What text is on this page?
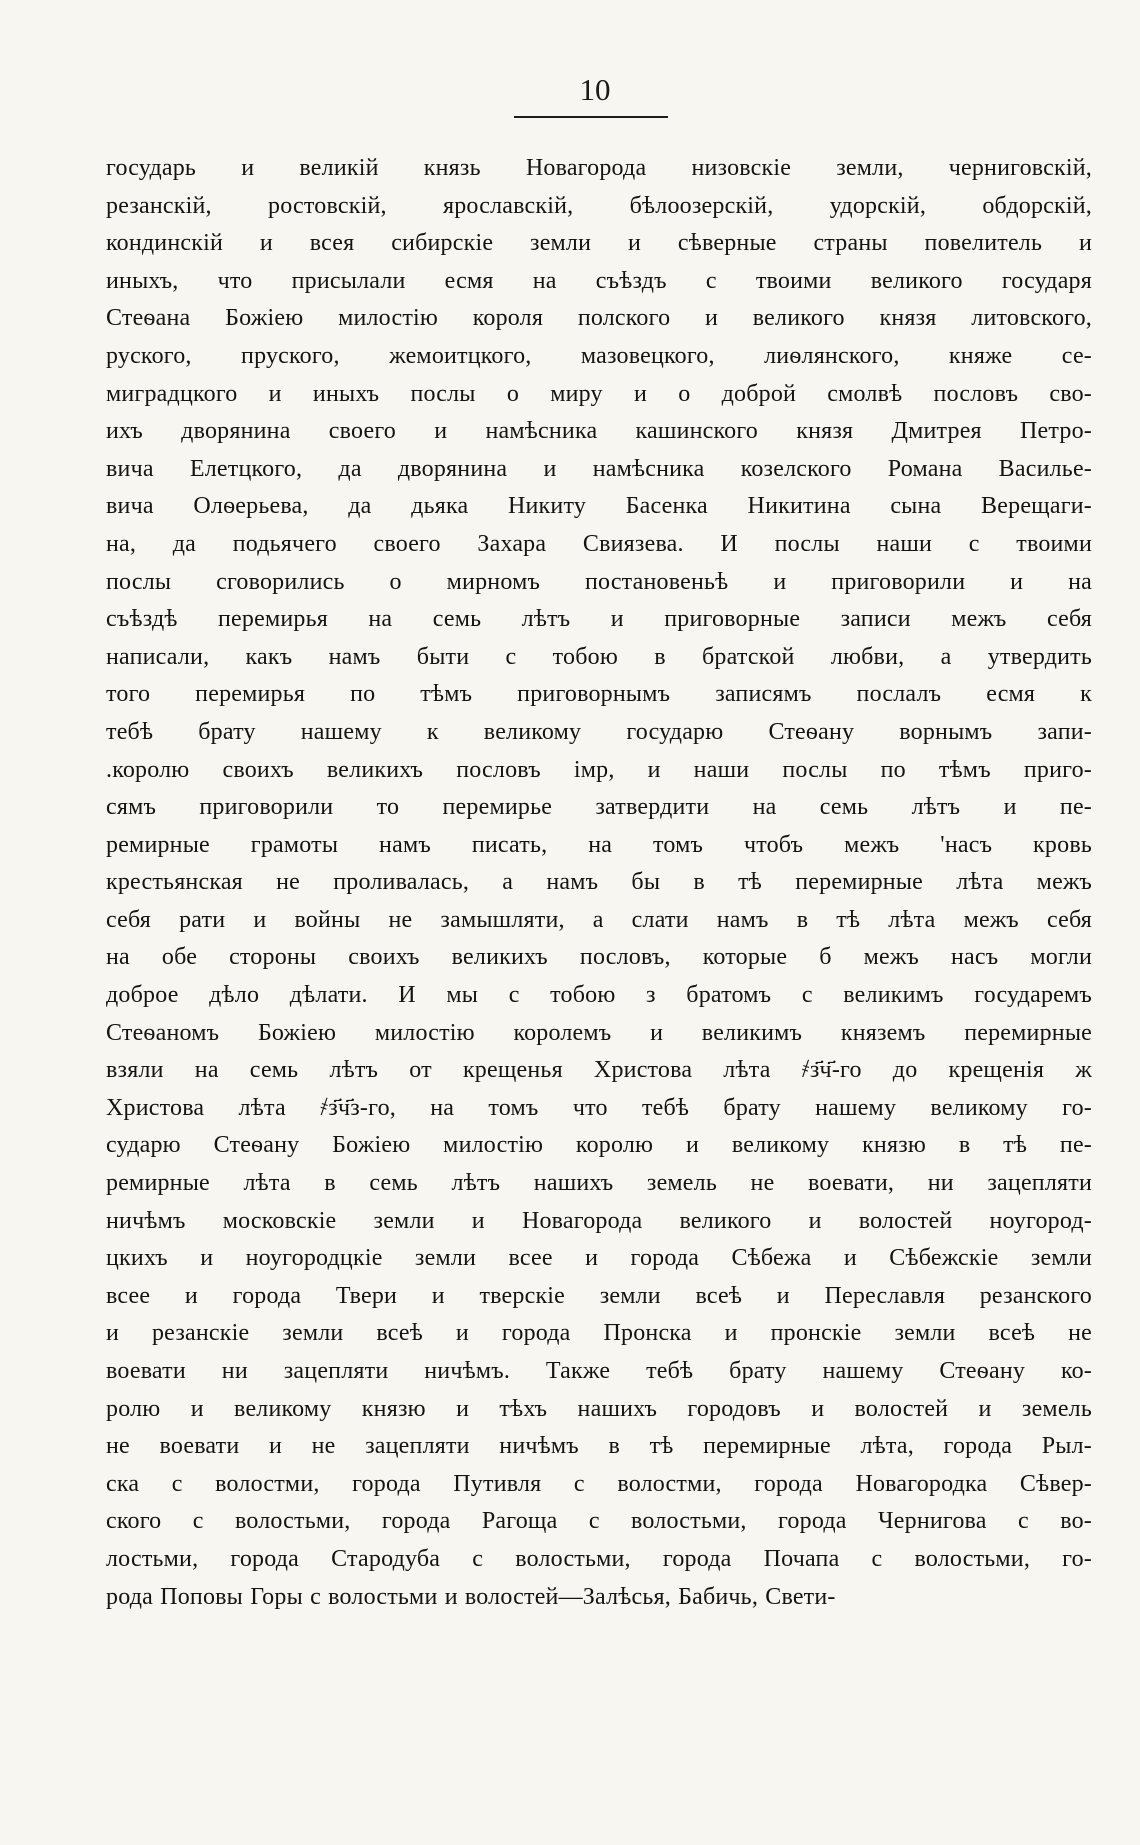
10
государь и великій князь Новагорода низовскіе земли, черниговскій,
резанскій, ростовскій, ярославскій, бѣлоозерскій, удорскій, обдорскій,
кондинскій и всея сибирскіе земли и сѣверные страны повелитель и
иныхъ, что присылали есмя на съѣздъ с твоими великого государя
Стеѳана Божіею милостію короля полского и великого князя литовского,
руского, пруского, жемоитцкого, мазовецкого, лиѳлянского, княже се-
миградцкого и иныхъ послы о миру и о доброй смолвѣ пословъ сво-
ихъ дворянина своего и намѣсника кашинского князя Дмитрея Петро-
вича Елетцкого, да дворянина и намѣсника козелского Романа Василье-
вича Олѳерьева, да дьяка Никиту Басенка Никитина сына Верещаги-
на, да подьячего своего Захара Свиязева. И послы наши с твоими
послы сговорились о мирномъ постановеньѣ и приговорили и на
съѣздѣ перемирья на семь лѣтъ и приговорные записи межъ себя
написали, какъ намъ быти с тобою в братской любви, а утвердить
того перемирья по тѣмъ приговорнымъ записямъ послалъ есмя к
тебѣ брату нашему к великому государю Стеѳану ворнымъ запи-
.королю своихъ великихъ пословъ імр, и наши послы по тѣмъ приго-
сямъ приговорили то перемирье затвердити на семь лѣтъ и пе-
ремирные грамоты намъ писать, на томъ чтобъ межъ 'насъ кровь
крестьянская не проливалась, а намъ бы в тѣ перемирные лѣта межъ
себя рати и войны не замышляти, а слати намъ в тѣ лѣта межъ себя
на обе стороны своихъ великихъ пословъ, которые б межъ насъ могли
доброе дѣло дѣлати. И мы с тобою з братомъ с великимъ государемъ
Стеѳаномъ Божіею милостію королемъ и великимъ княземъ перемирные
взяли на семь лѣтъ от крещенья Христова лѣта ҂з҃ч҃-го до крещенія ж
Христова лѣта ҂з҃ч҃з-го, на томъ что тебѣ брату нашему великому го-
сударю Стеѳану Божіею милостію королю и великому князю в тѣ пе-
ремирные лѣта в семь лѣтъ нашихъ земель не воевати, ни зацепляти
ничѣмъ московскіе земли и Новагорода великого и волостей ноугород-
цкихъ и ноугородцкіе земли всее и города Сѣбежа и Сѣбежскіе земли
всее и города Твери и тверскіе земли всеѣ и Переславля резанского
и резанскіе земли всеѣ и города Пронска и пронскіе земли всеѣ не
воевати ни зацепляти ничѣмъ. Также тебѣ брату нашему Стеѳану ко-
ролю и великому князю и тѣхъ нашихъ городовъ и волостей и земель
не воевати и не зацепляти ничѣмъ в тѣ перемирные лѣта, города Рыл-
ска с волостми, города Путивля с волостми, города Новагородка Сѣвер-
ского с волостьми, города Рагоща с волостьми, города Чернигова с во-
лостьми, города Стародуба с волостьми, города Почапа с волостьми, го-
рода Поповы Горы с волостьми и волостей—Залѣсья, Бабичь, Свети-
